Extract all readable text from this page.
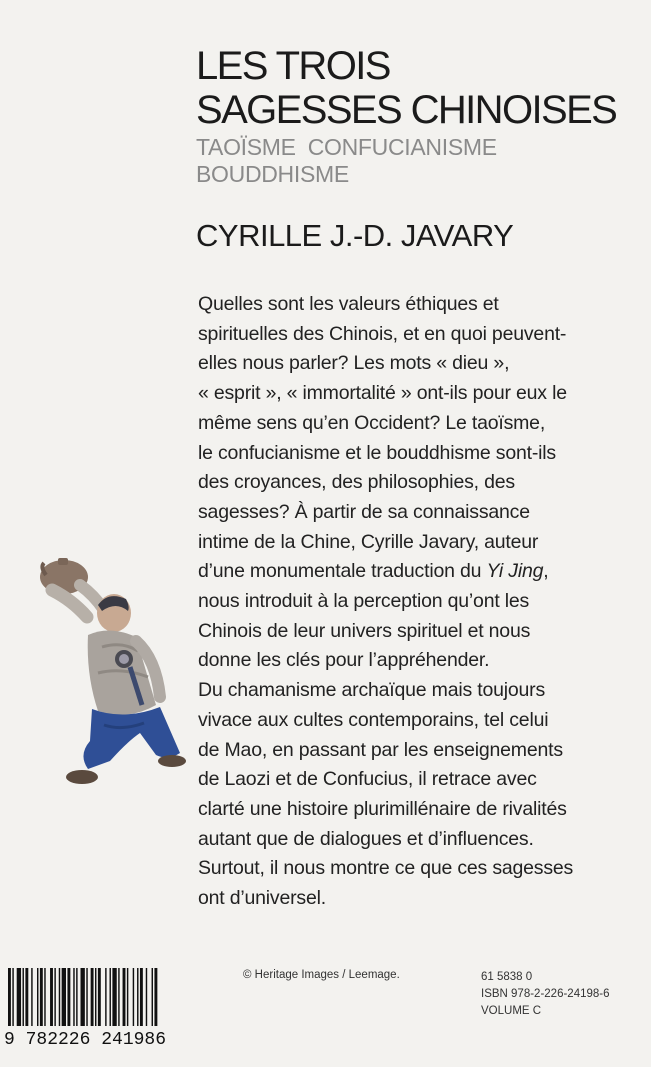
LES TROIS
SAGESSES CHINOISES
TAOÏSME CONFUCIANISME
BOUDDHISME
CYRILLE J.-D. JAVARY
Quelles sont les valeurs éthiques et
spirituelles des Chinois, et en quoi peuvent-
elles nous parler? Les mots « dieu »,
« esprit », « immortalité » ont-ils pour eux le
même sens qu’en Occident? Le taoïsme,
le confucianisme et le bouddhisme sont-ils
des croyances, des philosophies, des
sagesses? À partir de sa connaissance
intime de la Chine, Cyrille Javary, auteur
d’une monumentale traduction du Yi Jing,
nous introduit à la perception qu’ont les
Chinois de leur univers spirituel et nous
donne les clés pour l’appréhender.
Du chamanisme archaïque mais toujours
vivace aux cultes contemporains, tel celui
de Mao, en passant par les enseignements
de Laozi et de Confucius, il retrace avec
clarté une histoire plurimillénaire de rivalités
autant que de dialogues et d’influences.
Surtout, il nous montre ce que ces sagesses
ont d’universel.
9 782226 241986
© Heritage Images / Leemage.	61 5838 0
ISBN 978-2-226-24198-6
VOLUME C
